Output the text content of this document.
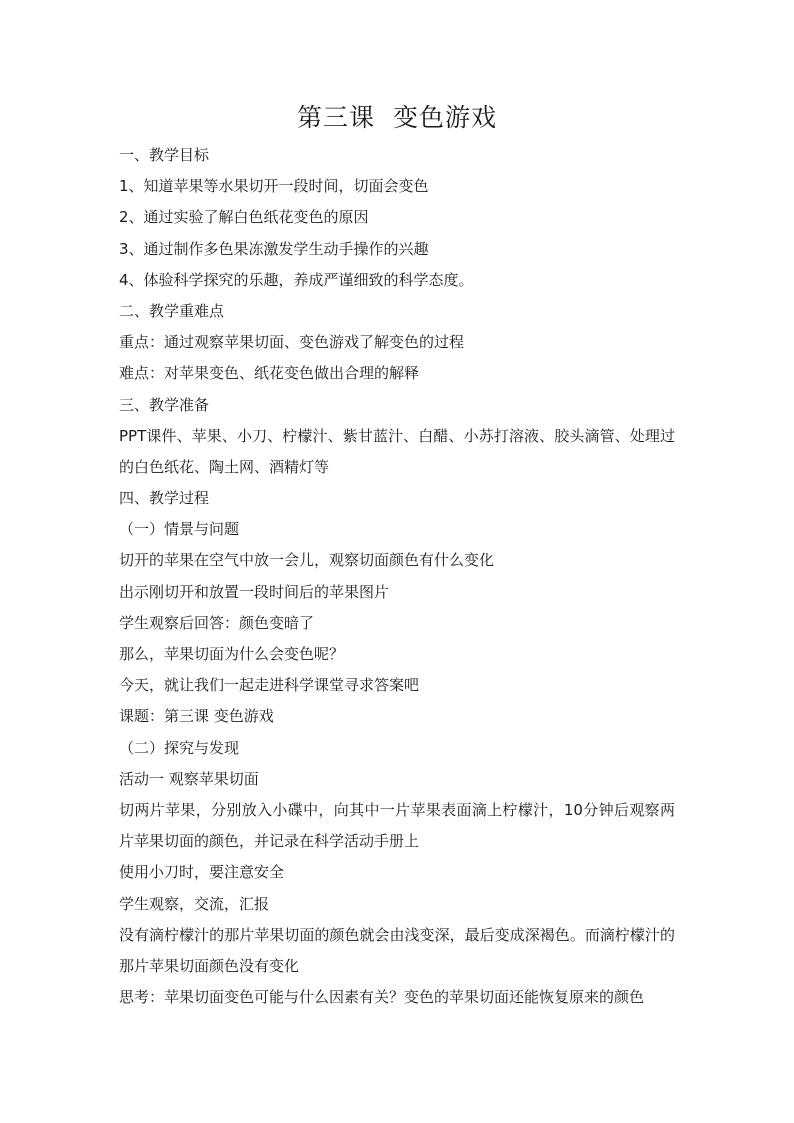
第三课  变色游戏
一、教学目标
1、知道苹果等水果切开一段时间，切面会变色
2、通过实验了解白色纸花变色的原因
3、通过制作多色果冻激发学生动手操作的兴趣
4、体验科学探究的乐趣，养成严谨细致的科学态度。
二、教学重难点
重点：通过观察苹果切面、变色游戏了解变色的过程
难点：对苹果变色、纸花变色做出合理的解释
三、教学准备
PPT课件、苹果、小刀、柠檬汁、紫甘蓝汁、白醋、小苏打溶液、胶头滴管、处理过的白色纸花、陶土网、酒精灯等
四、教学过程
（一）情景与问题
切开的苹果在空气中放一会儿，观察切面颜色有什么变化
出示刚切开和放置一段时间后的苹果图片
学生观察后回答：颜色变暗了
那么，苹果切面为什么会变色呢？
今天，就让我们一起走进科学课堂寻求答案吧
课题：第三课 变色游戏
（二）探究与发现
活动一 观察苹果切面
切两片苹果，分别放入小碟中，向其中一片苹果表面滴上柠檬汁，10分钟后观察两片苹果切面的颜色，并记录在科学活动手册上
使用小刀时，要注意安全
学生观察，交流，汇报
没有滴柠檬汁的那片苹果切面的颜色就会由浅变深，最后变成深褐色。而滴柠檬汁的那片苹果切面颜色没有变化
思考：苹果切面变色可能与什么因素有关？变色的苹果切面还能恢复原来的颜色
